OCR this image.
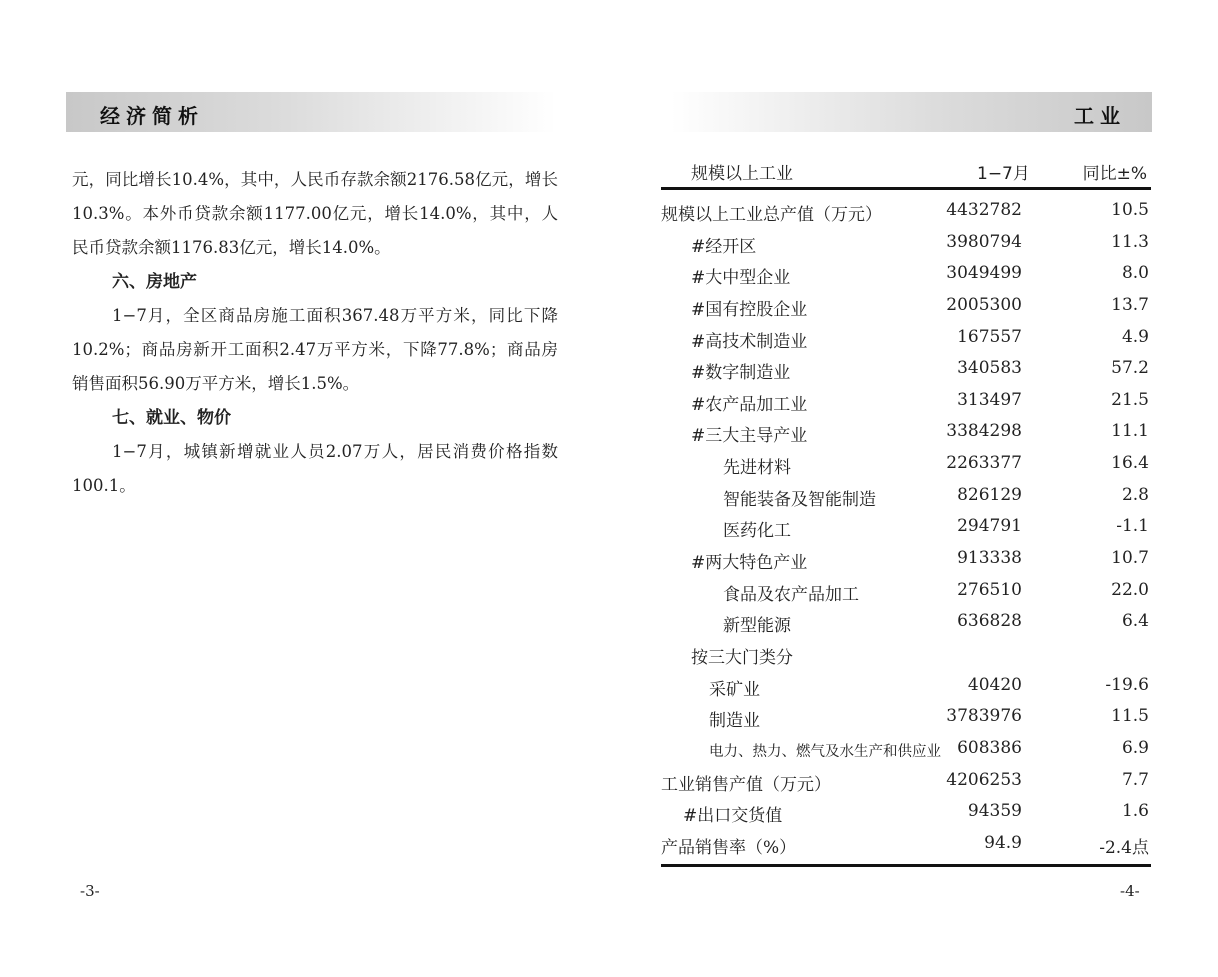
经济简析

元，同比增长10.4%，其中，人民币存款余额2176.58亿元，增长10.3%。本外币贷款余额1177.00亿元，增长14.0%，其中，人民币贷款余额1176.83亿元，增长14.0%。

六、房地产

1−7月，全区商品房施工面积367.48万平方米，同比下降10.2%；商品房新开工面积2.47万平方米，下降77.8%；商品房销售面积56.90万平方米，增长1.5%。

七、就业、物价

1−7月，城镇新增就业人员2.07万人，居民消费价格指数100.1。

-3-
工业
规模以上工业	1−7月	同比±%
规模以上工业总产值（万元）	4432782	10.5
#经开区	3980794	11.3
#大中型企业	3049499	8.0
#国有控股企业	2005300	13.7
#高技术制造业	167557	4.9
#数字制造业	340583	57.2
#农产品加工业	313497	21.5
#三大主导产业	3384298	11.1
先进材料	2263377	16.4
智能装备及智能制造	826129	2.8
医药化工	294791	-1.1
#两大特色产业	913338	10.7
食品及农产品加工	276510	22.0
新型能源	636828	6.4
按三大门类分
采矿业	40420	-19.6
制造业	3783976	11.5
电力、热力、燃气及水生产和供应业 608386	6.9
工业销售产值（万元）	4206253	7.7
#出口交货值	94359	1.6
产品销售率（%）	94.9	-2.4点
-4-
